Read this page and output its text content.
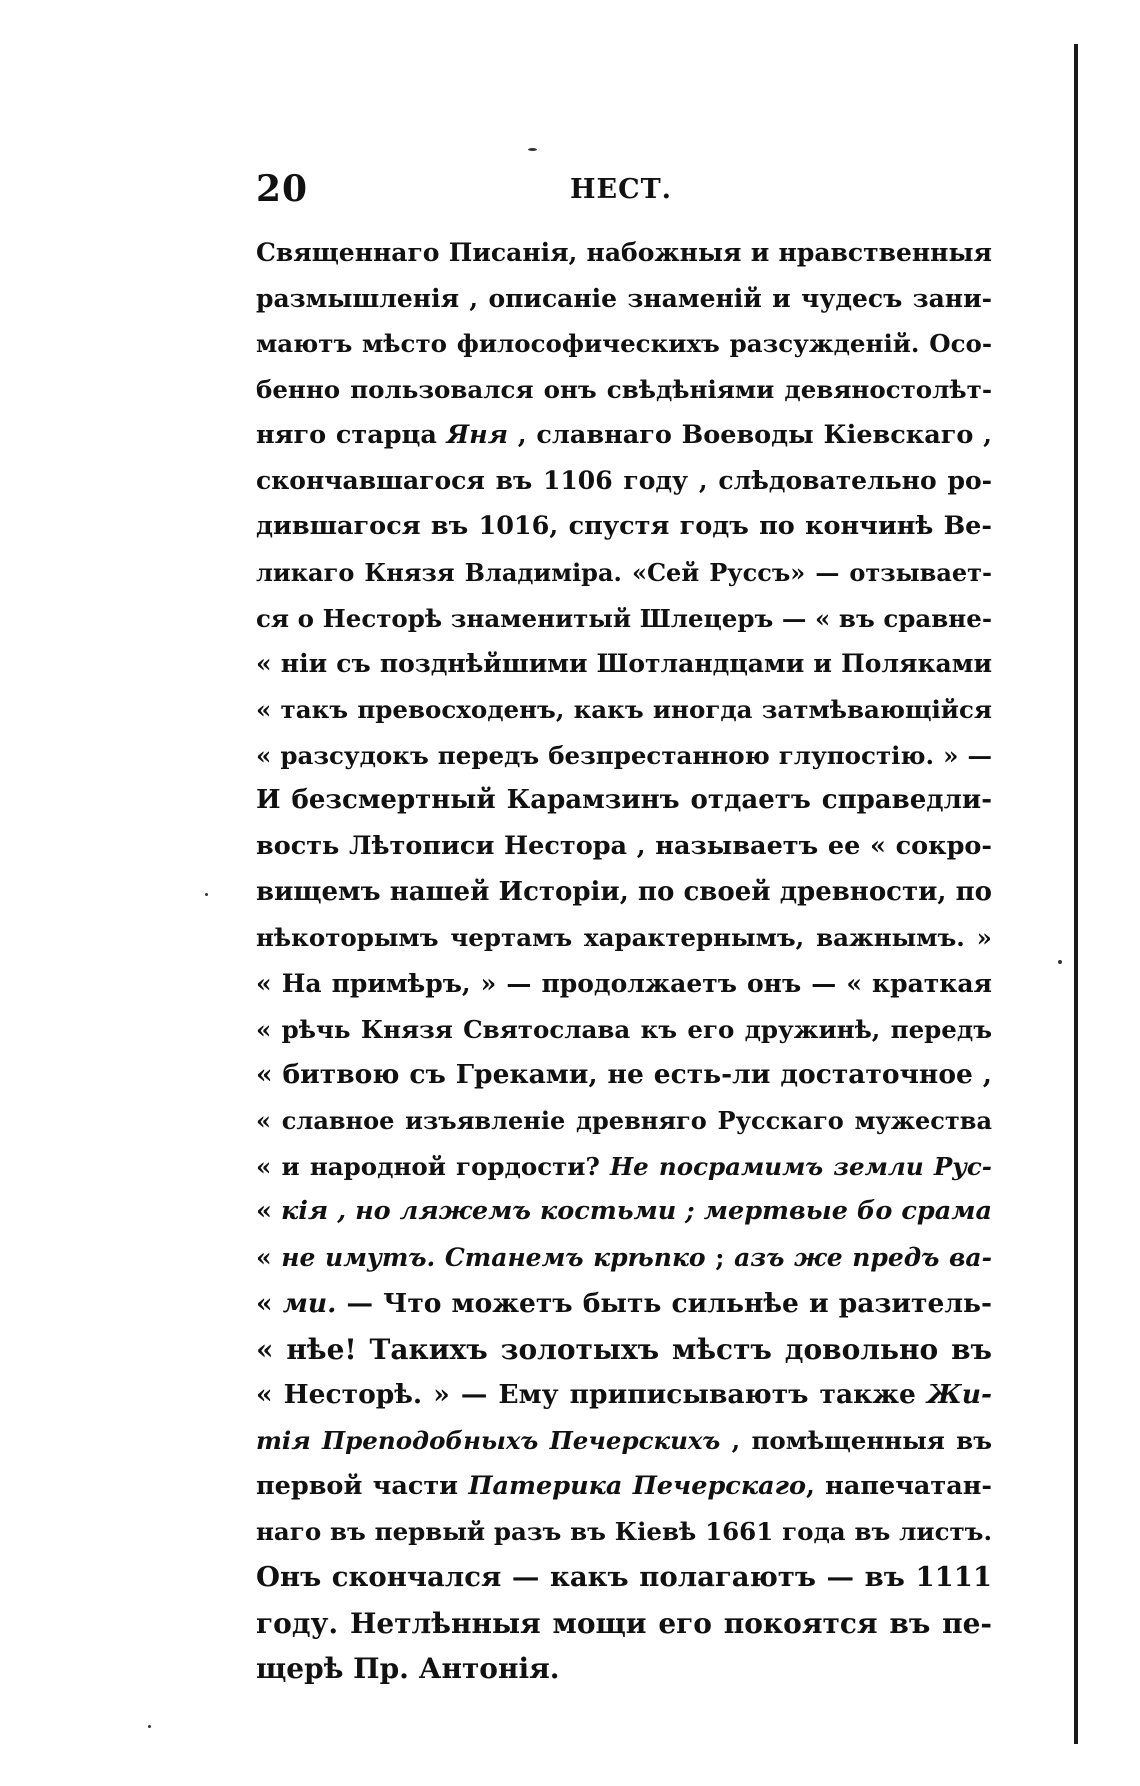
20	НЕСТ.
Священнаго Писанія, набожныя и нравственныя
размышленія , описаніе знаменій и чудесъ зани-
маютъ мѣсто философическихъ разсужденій. Осо-
бенно пользовался онъ свѣдѣніями девяностолѣт-
няго старца Яня , славнаго Воеводы Кіевскаго ,
скончавшагося въ 1106 году , слѣдовательно ро-
дившагося въ 1016, спустя годъ по кончинѣ Ве-
ликаго Князя Владиміра. «Сей Руссъ» — отзывает-
ся о Несторѣ знаменитый Шлецеръ — « въ сравне-
« ніи съ позднѣйшими Шотландцами и Поляками
« такъ превосходенъ, какъ иногда затмѣвающійся
« разсудокъ передъ безпрестанною глупостію. » —
И безсмертный Карамзинъ отдаетъ справедли-
вость Лѣтописи Нестора , называетъ ее « сокро-
вищемъ нашей Исторіи, по своей древности, по
нѣкоторымъ чертамъ характернымъ, важнымъ. »
« На примѣръ, » — продолжаетъ онъ — « краткая
« рѣчь Князя Святослава къ его дружинѣ, передъ
« битвою съ Греками, не есть-ли достаточное ,
« славное изъявленіе древняго Русскаго мужества
« и народной гордости? Не посрамимъ земли Рус-
« кія , но ляжемъ костьми ; мертвые бо срама
« не имутъ. Станемъ крѣпко ; азъ же предъ ва-
« ми. — Что можетъ быть сильнѣе и разитель-
« нѣе! Такихъ золотыхъ мѣстъ довольно въ
« Несторѣ. » — Ему приписываютъ также Жи-
тія Преподобныхъ Печерскихъ , помѣщенныя въ
первой части Патерика Печерскаго, напечатан-
наго въ первый разъ въ Кіевѣ 1661 года въ листъ.
Онъ скончался — какъ полагаютъ — въ 1111
году. Нетлѣнныя мощи его покоятся въ пе-
щерѣ Пр. Антонія.
